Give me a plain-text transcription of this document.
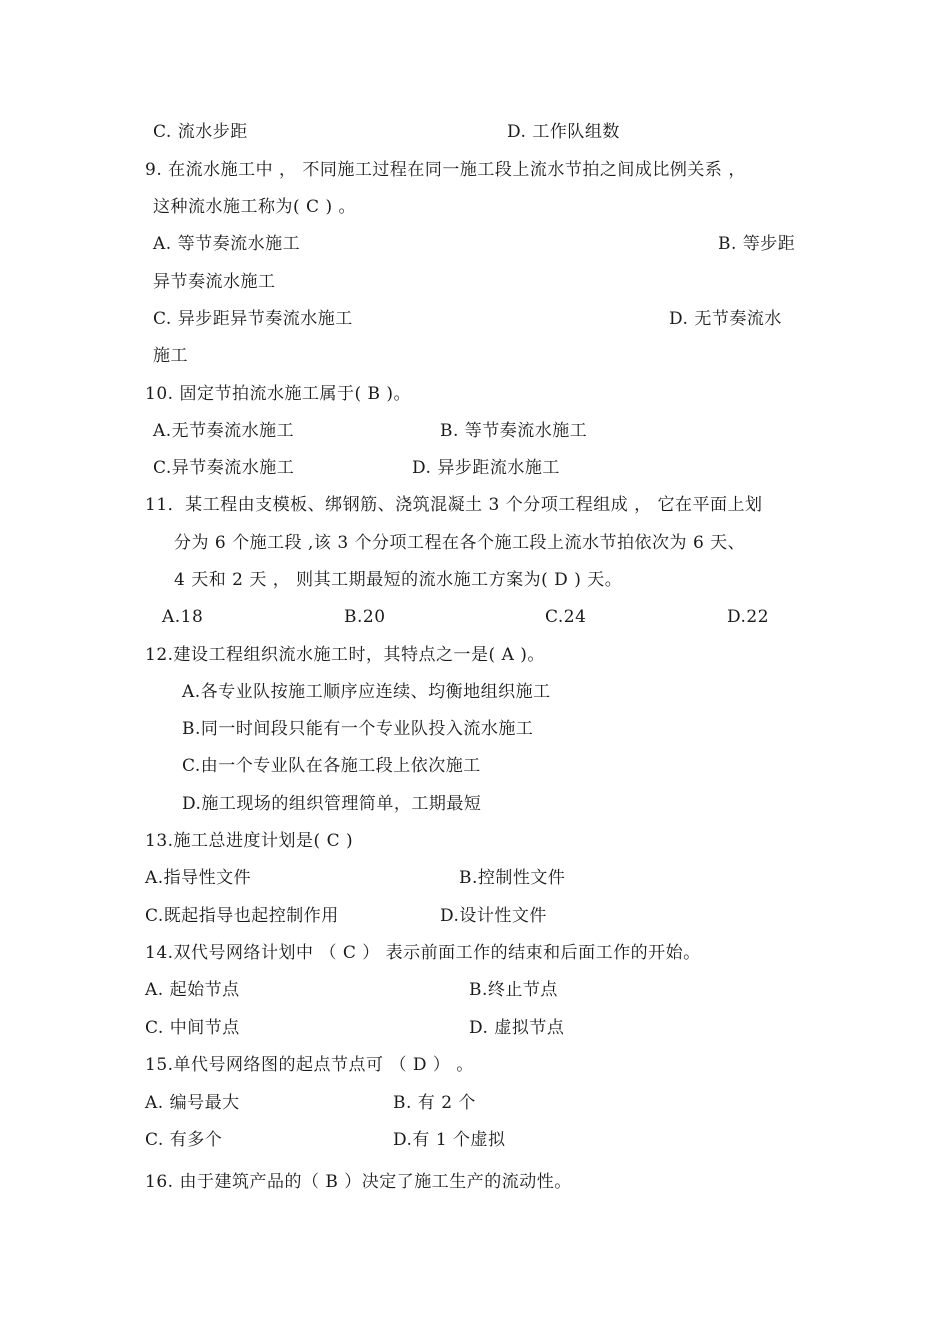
C. 流水步距	D. 工作队组数
9. 在流水施工中 ， 不同施工过程在同一施工段上流水节拍之间成比例关系 ，
这种流水施工称为( C ) 。
A. 等节奏流水施工	B. 等步距
异节奏流水施工
C. 异步距异节奏流水施工	D. 无节奏流水
施工
10. 固定节拍流水施工属于( B )。
A.无节奏流水施工	B. 等节奏流水施工
C.异节奏流水施工	D. 异步距流水施工
11．某工程由支模板、绑钢筋、浇筑混凝土 3 个分项工程组成 ， 它在平面上划
分为 6 个施工段 ,该 3 个分项工程在各个施工段上流水节拍依次为 6 天、
4 天和 2 天 ， 则其工期最短的流水施工方案为( D ) 天。
A.18	B.20	C.24	D.22
12.建设工程组织流水施工时，其特点之一是( A )。
A.各专业队按施工顺序应连续、均衡地组织施工
B.同一时间段只能有一个专业队投入流水施工
C.由一个专业队在各施工段上依次施工
D.施工现场的组织管理简单，工期最短
13.施工总进度计划是( C )
A.指导性文件	B.控制性文件
C.既起指导也起控制作用	D.设计性文件
14.双代号网络计划中 （ C ） 表示前面工作的结束和后面工作的开始。
A. 起始节点	B.终止节点
C. 中间节点	D. 虚拟节点
15.单代号网络图的起点节点可 （ D ） 。
A. 编号最大	B. 有 2 个
C. 有多个	D.有 1 个虚拟
16. 由于建筑产品的（ B ）决定了施工生产的流动性。
